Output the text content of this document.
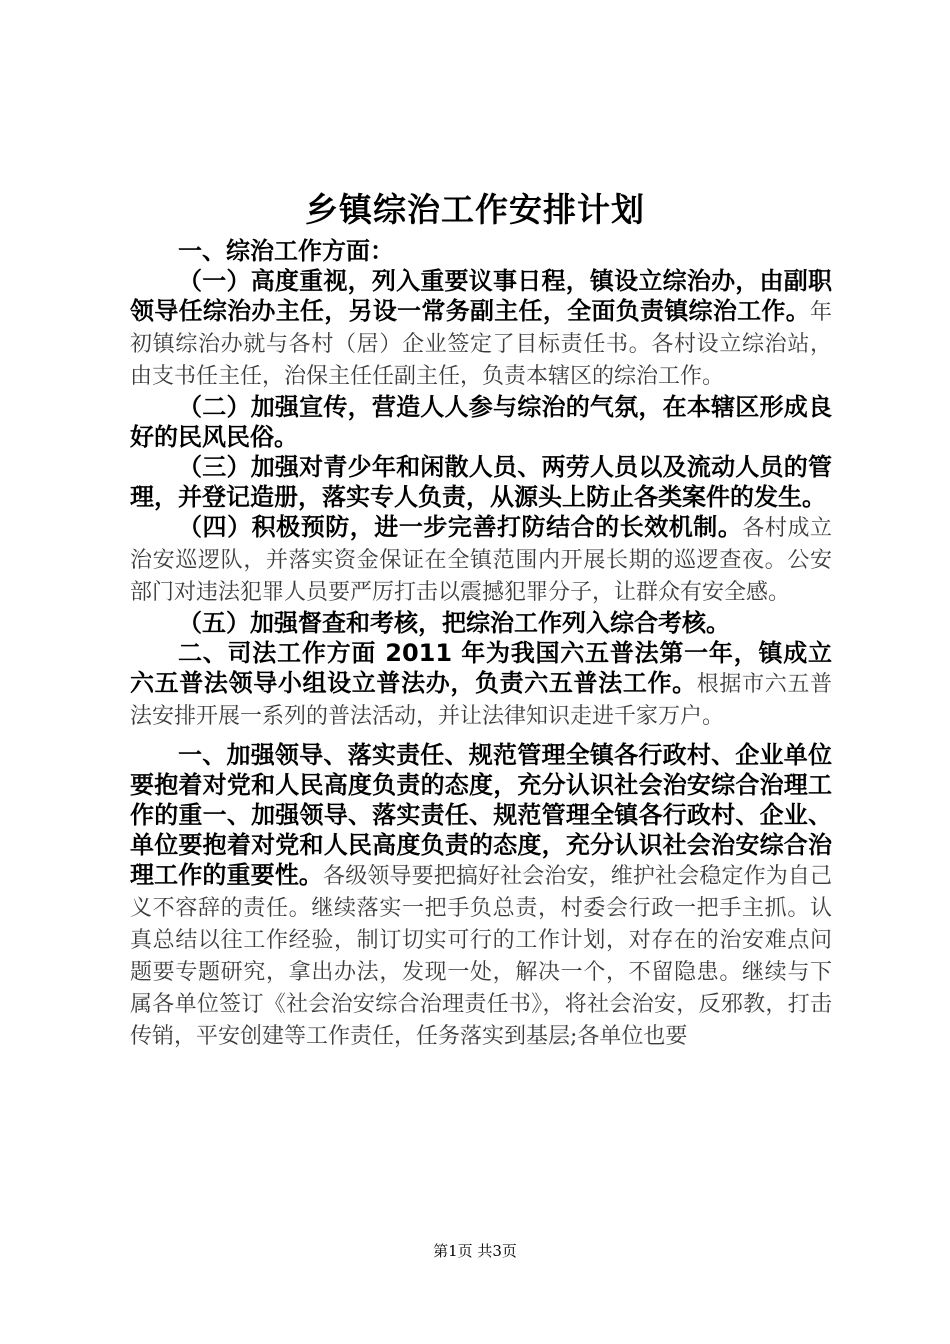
乡镇综治工作安排计划

一、综治工作方面：

（一）高度重视，列入重要议事日程，镇设立综治办，由副职领导任综治办主任，另设一常务副主任，全面负责镇综治工作。年初镇综治办就与各村（居）企业签定了目标责任书。各村设立综治站，由支书任主任，治保主任任副主任，负责本辖区的综治工作。

（二）加强宣传，营造人人参与综治的气氛，在本辖区形成良好的民风民俗。

（三）加强对青少年和闲散人员、两劳人员以及流动人员的管理，并登记造册，落实专人负责，从源头上防止各类案件的发生。

（四）积极预防，进一步完善打防结合的长效机制。各村成立治安巡逻队，并落实资金保证在全镇范围内开展长期的巡逻查夜。公安部门对违法犯罪人员要严厉打击以震撼犯罪分子，让群众有安全感。

（五）加强督查和考核，把综治工作列入综合考核。

二、司法工作方面 2011 年为我国六五普法第一年，镇成立六五普法领导小组设立普法办，负责六五普法工作。根据市六五普法安排开展一系列的普法活动，并让法律知识走进千家万户。

一、加强领导、落实责任、规范管理全镇各行政村、企业单位要抱着对党和人民高度负责的态度，充分认识社会治安综合治理工作的重一、加强领导、落实责任、规范管理全镇各行政村、企业、单位要抱着对党和人民高度负责的态度，充分认识社会治安综合治理工作的重要性。各级领导要把搞好社会治安，维护社会稳定作为自己义不容辞的责任。继续落实一把手负总责，村委会行政一把手主抓。认真总结以往工作经验，制订切实可行的工作计划，对存在的治安难点问题要专题研究，拿出办法，发现一处，解决一个，不留隐患。继续与下属各单位签订《社会治安综合治理责任书》，将社会治安，反邪教，打击传销，平安创建等工作责任，任务落实到基层;各单位也要

第1页 共3页
